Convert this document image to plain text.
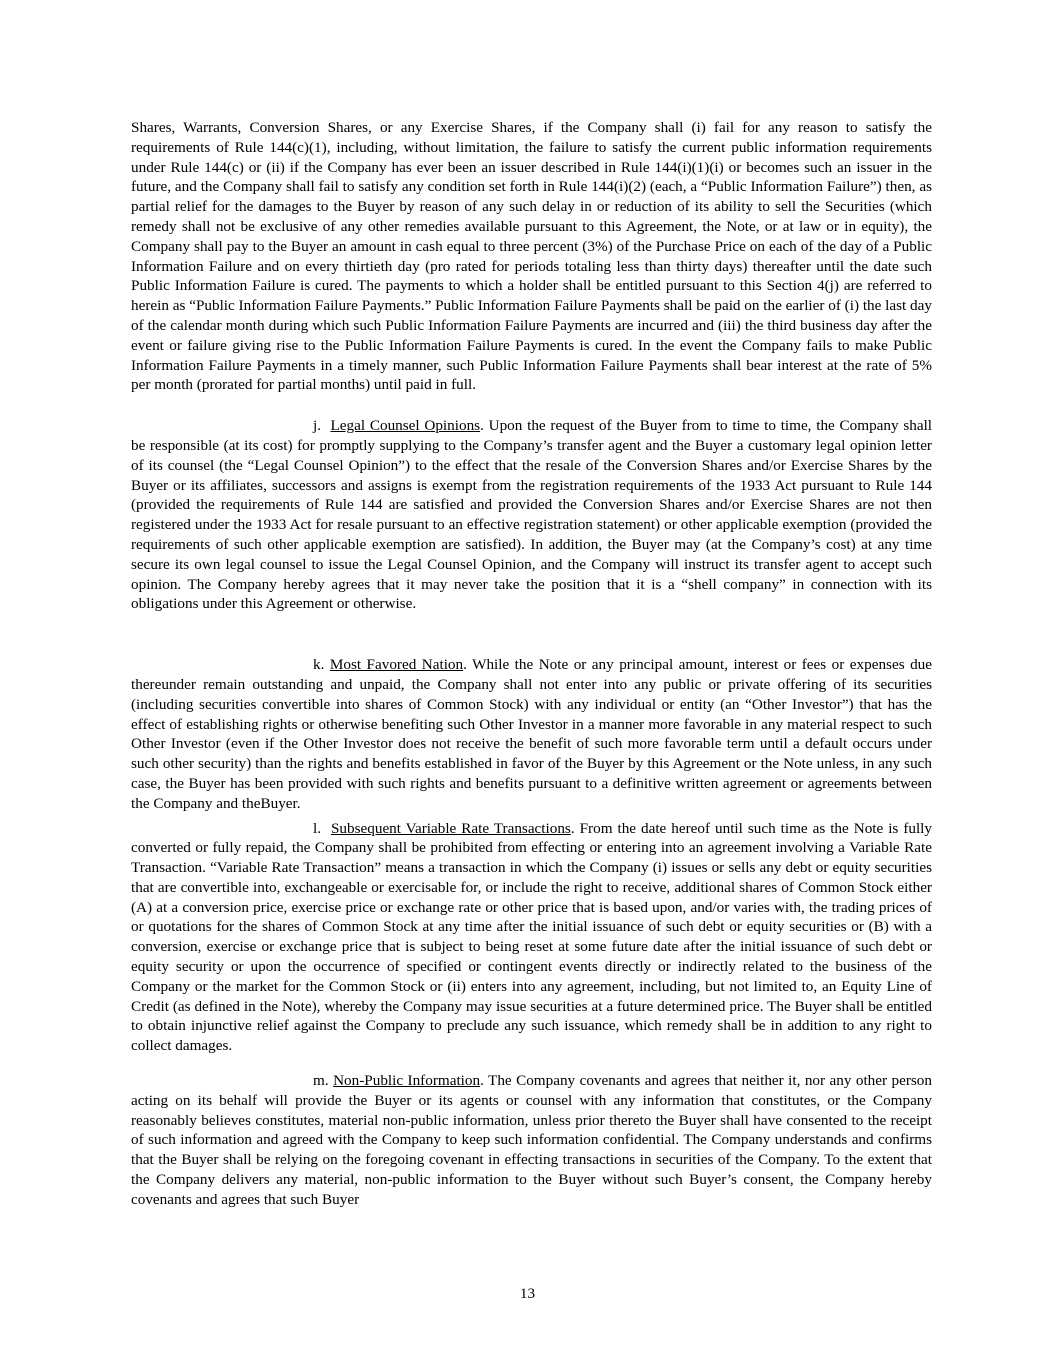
Shares, Warrants, Conversion Shares, or any Exercise Shares, if the Company shall (i) fail for any reason to satisfy the requirements of Rule 144(c)(1), including, without limitation, the failure to satisfy the current public information requirements under Rule 144(c) or (ii) if the Company has ever been an issuer described in Rule 144(i)(1)(i) or becomes such an issuer in the future, and the Company shall fail to satisfy any condition set forth in Rule 144(i)(2) (each, a “Public Information Failure”) then, as partial relief for the damages to the Buyer by reason of any such delay in or reduction of its ability to sell the Securities (which remedy shall not be exclusive of any other remedies available pursuant to this Agreement, the Note, or at law or in equity), the Company shall pay to the Buyer an amount in cash equal to three percent (3%) of the Purchase Price on each of the day of a Public Information Failure and on every thirtieth day (pro rated for periods totaling less than thirty days) thereafter until the date such Public Information Failure is cured. The payments to which a holder shall be entitled pursuant to this Section 4(j) are referred to herein as “Public Information Failure Payments.” Public Information Failure Payments shall be paid on the earlier of (i) the last day of the calendar month during which such Public Information Failure Payments are incurred and (iii) the third business day after the event or failure giving rise to the Public Information Failure Payments is cured. In the event the Company fails to make Public Information Failure Payments in a timely manner, such Public Information Failure Payments shall bear interest at the rate of 5% per month (prorated for partial months) until paid in full.

j. Legal Counsel Opinions. Upon the request of the Buyer from to time to time, the Company shall be responsible (at its cost) for promptly supplying to the Company’s transfer agent and the Buyer a customary legal opinion letter of its counsel (the “Legal Counsel Opinion”) to the effect that the resale of the Conversion Shares and/or Exercise Shares by the Buyer or its affiliates, successors and assigns is exempt from the registration requirements of the 1933 Act pursuant to Rule 144 (provided the requirements of Rule 144 are satisfied and provided the Conversion Shares and/or Exercise Shares are not then registered under the 1933 Act for resale pursuant to an effective registration statement) or other applicable exemption (provided the requirements of such other applicable exemption are satisfied). In addition, the Buyer may (at the Company’s cost) at any time secure its own legal counsel to issue the Legal Counsel Opinion, and the Company will instruct its transfer agent to accept such opinion. The Company hereby agrees that it may never take the position that it is a “shell company” in connection with its obligations under this Agreement or otherwise.

k. Most Favored Nation. While the Note or any principal amount, interest or fees or expenses due thereunder remain outstanding and unpaid, the Company shall not enter into any public or private offering of its securities (including securities convertible into shares of Common Stock) with any individual or entity (an “Other Investor”) that has the effect of establishing rights or otherwise benefiting such Other Investor in a manner more favorable in any material respect to such Other Investor (even if the Other Investor does not receive the benefit of such more favorable term until a default occurs under such other security) than the rights and benefits established in favor of the Buyer by this Agreement or the Note unless, in any such case, the Buyer has been provided with such rights and benefits pursuant to a definitive written agreement or agreements between the Company and theBuyer.

l. Subsequent Variable Rate Transactions. From the date hereof until such time as the Note is fully converted or fully repaid, the Company shall be prohibited from effecting or entering into an agreement involving a Variable Rate Transaction. “Variable Rate Transaction” means a transaction in which the Company (i) issues or sells any debt or equity securities that are convertible into, exchangeable or exercisable for, or include the right to receive, additional shares of Common Stock either (A) at a conversion price, exercise price or exchange rate or other price that is based upon, and/or varies with, the trading prices of or quotations for the shares of Common Stock at any time after the initial issuance of such debt or equity securities or (B) with a conversion, exercise or exchange price that is subject to being reset at some future date after the initial issuance of such debt or equity security or upon the occurrence of specified or contingent events directly or indirectly related to the business of the Company or the market for the Common Stock or (ii) enters into any agreement, including, but not limited to, an Equity Line of Credit (as defined in the Note), whereby the Company may issue securities at a future determined price. The Buyer shall be entitled to obtain injunctive relief against the Company to preclude any such issuance, which remedy shall be in addition to any right to collect damages.

m. Non-Public Information. The Company covenants and agrees that neither it, nor any other person acting on its behalf will provide the Buyer or its agents or counsel with any information that constitutes, or the Company reasonably believes constitutes, material non-public information, unless prior thereto the Buyer shall have consented to the receipt of such information and agreed with the Company to keep such information confidential. The Company understands and confirms that the Buyer shall be relying on the foregoing covenant in effecting transactions in securities of the Company. To the extent that the Company delivers any material, non-public information to the Buyer without such Buyer’s consent, the Company hereby covenants and agrees that such Buyer

13
